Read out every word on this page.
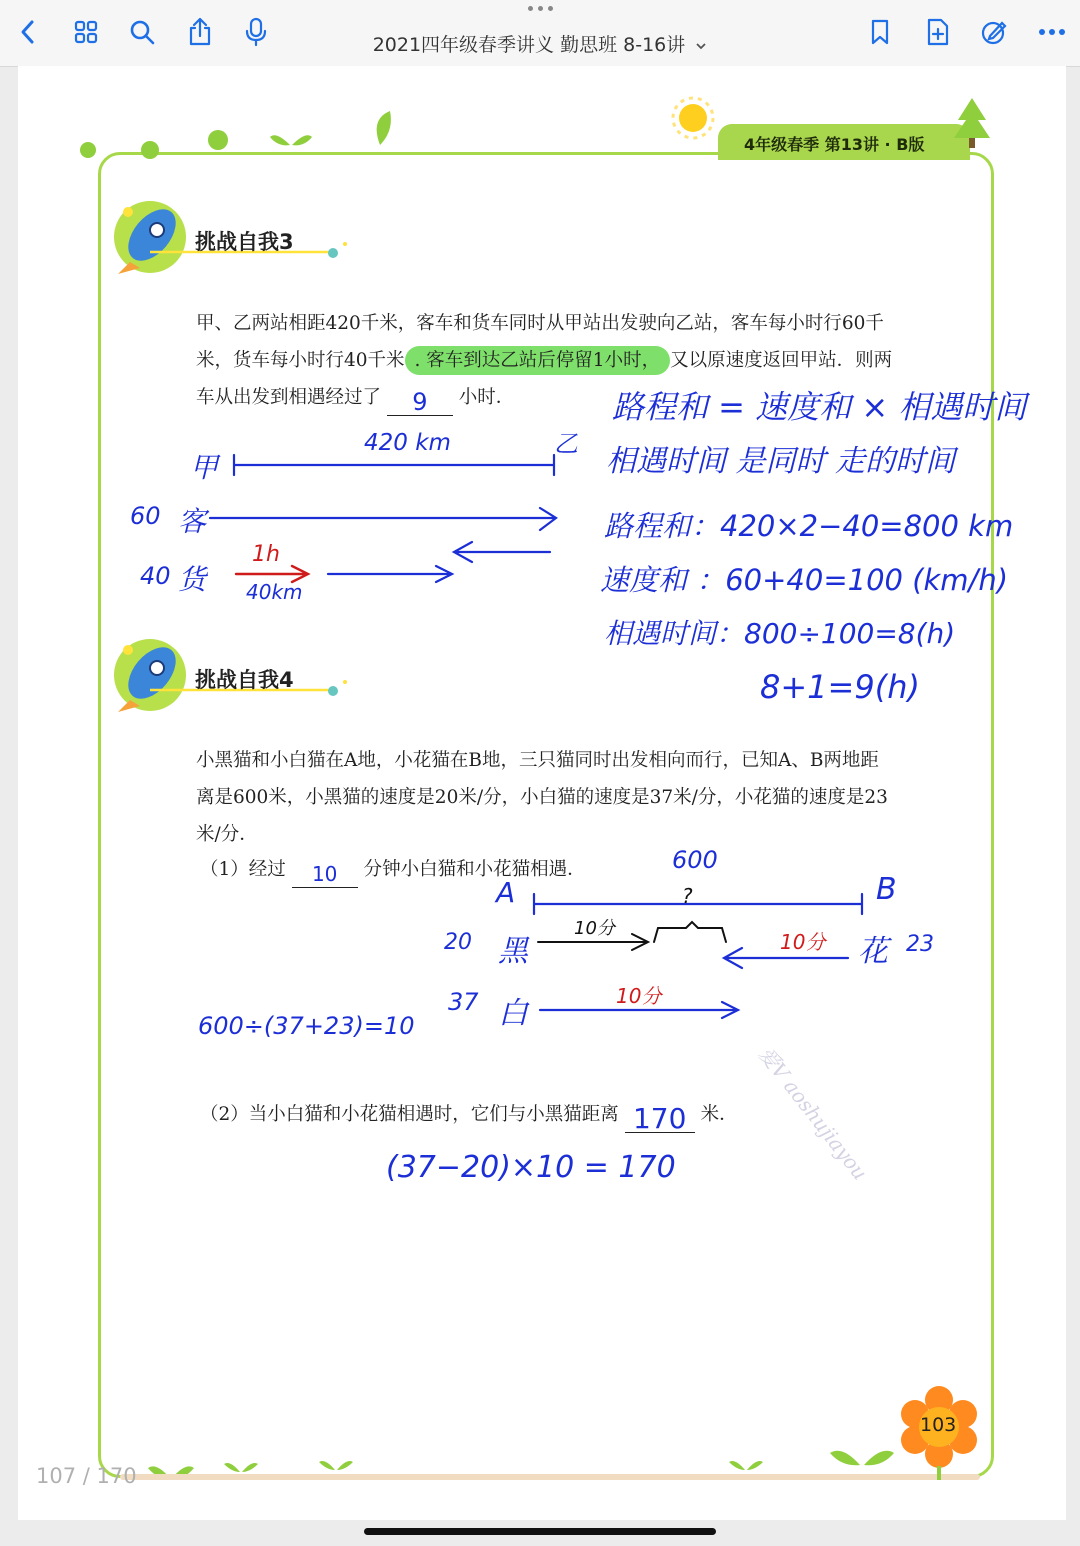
2021四年级春季讲义 勤思班 8-16讲
4年级春季 第13讲 · B版
挑战自我3
甲、乙两站相距420千米，客车和货车同时从甲站出发驶向乙站，客车每小时行60千
米，货车每小时行40千米 . 客车到达乙站后停留1小时， 又以原速度返回甲站．则两
车从出发到相遇经过了 9 小时．	路程和 = 速度和 × 相遇时间
相遇时间 是同时 走的时间
路程和：420×2−40=800 km
速度和 ：60+40=100 (km/h)
相遇时间：800÷100=8(h)
8+1=9(h)
甲
乙
420 km
60 客
40 货
1h
40km
挑战自我4
小黑猫和小白猫在A地，小花猫在B地，三只猫同时出发相向而行，已知A、B两地距
离是600米，小黑猫的速度是20米/分，小白猫的速度是37米/分，小花猫的速度是23
米/分．
（1）经过 10 分钟小白猫和小花猫相遇．
（2）当小白猫和小花猫相遇时，它们与小黑猫距离 170 米．
600
A	B
?
20 黑
10分
10分 花 23
37 白	10分
600÷(37+23)=10
(37−20)×10 = 170	爱V aoshujiayou
103
107 / 170
